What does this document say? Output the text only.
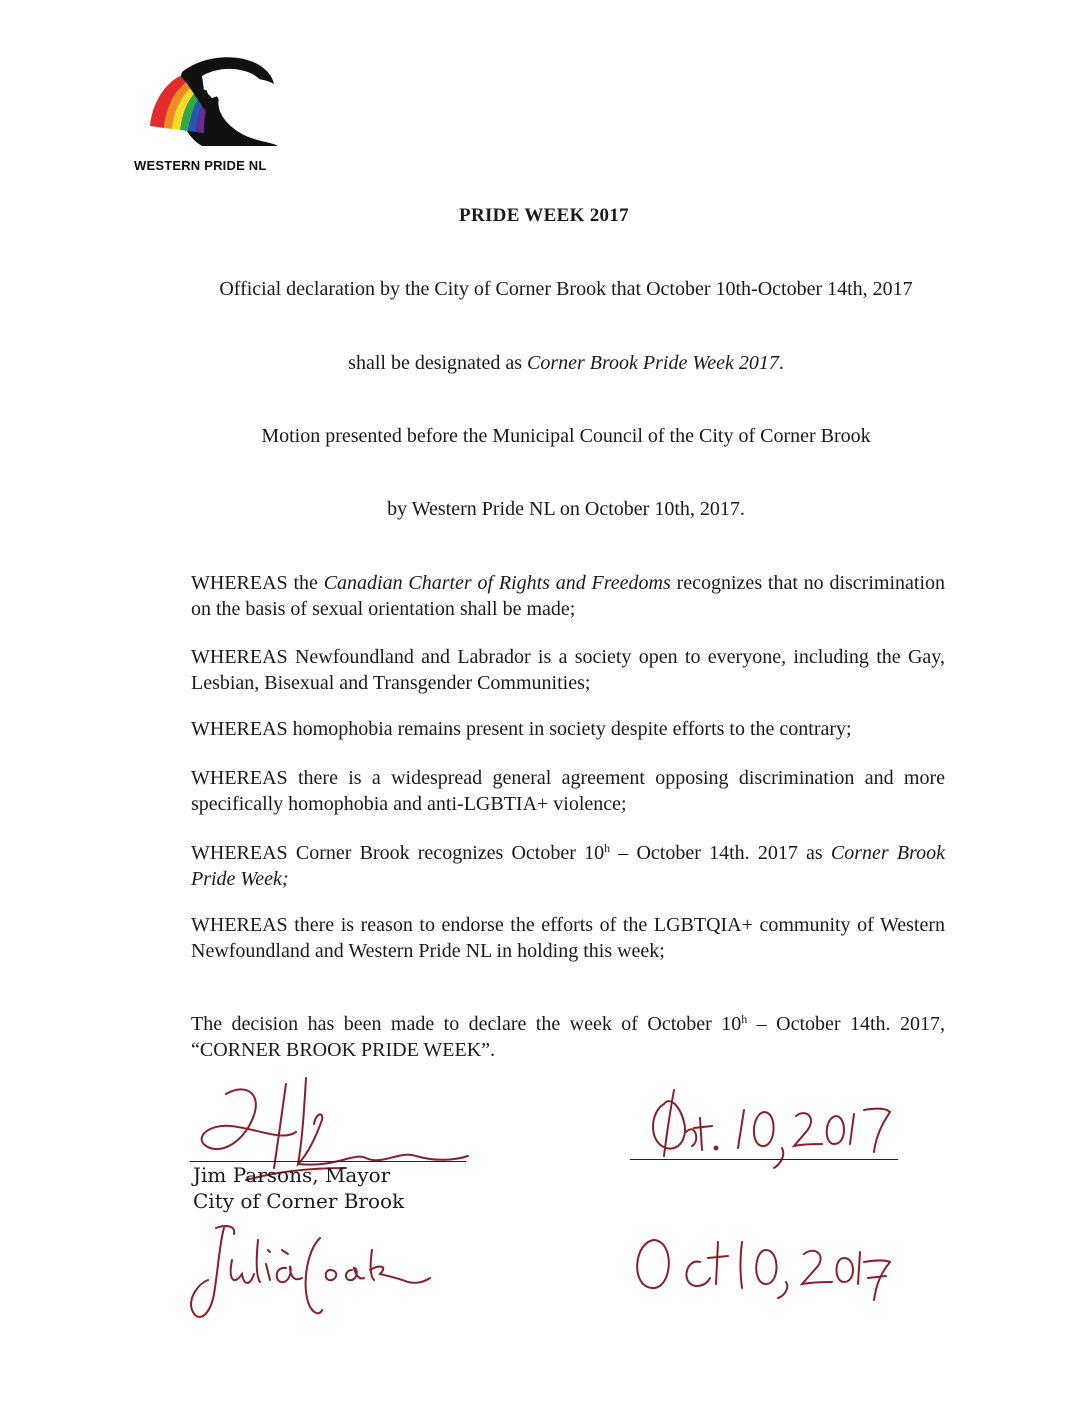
WESTERN PRIDE NL
PRIDE WEEK 2017
Official declaration by the City of Corner Brook that October 10th-October 14th, 2017
shall be designated as Corner Brook Pride Week 2017.
Motion presented before the Municipal Council of the City of Corner Brook
by Western Pride NL on October 10th, 2017.
WHEREAS the Canadian Charter of Rights and Freedoms recognizes that no discrimination on the basis of sexual orientation shall be made;
WHEREAS Newfoundland and Labrador is a society open to everyone, including the Gay, Lesbian, Bisexual and Transgender Communities;
WHEREAS homophobia remains present in society despite efforts to the contrary;
WHEREAS there is a widespread general agreement opposing discrimination and more specifically homophobia and anti-LGBTIA+ violence;
WHEREAS Corner Brook recognizes October 10$^h$ – October 14th. 2017 as Corner Brook Pride Week;
WHEREAS there is reason to endorse the efforts of the LGBTQIA+ community of Western Newfoundland and Western Pride NL in holding this week;
The decision has been made to declare the week of October 10$^h$ – October 14th. 2017, “CORNER BROOK PRIDE WEEK”.
Jim Parsons, Mayor
City of Corner Brook
